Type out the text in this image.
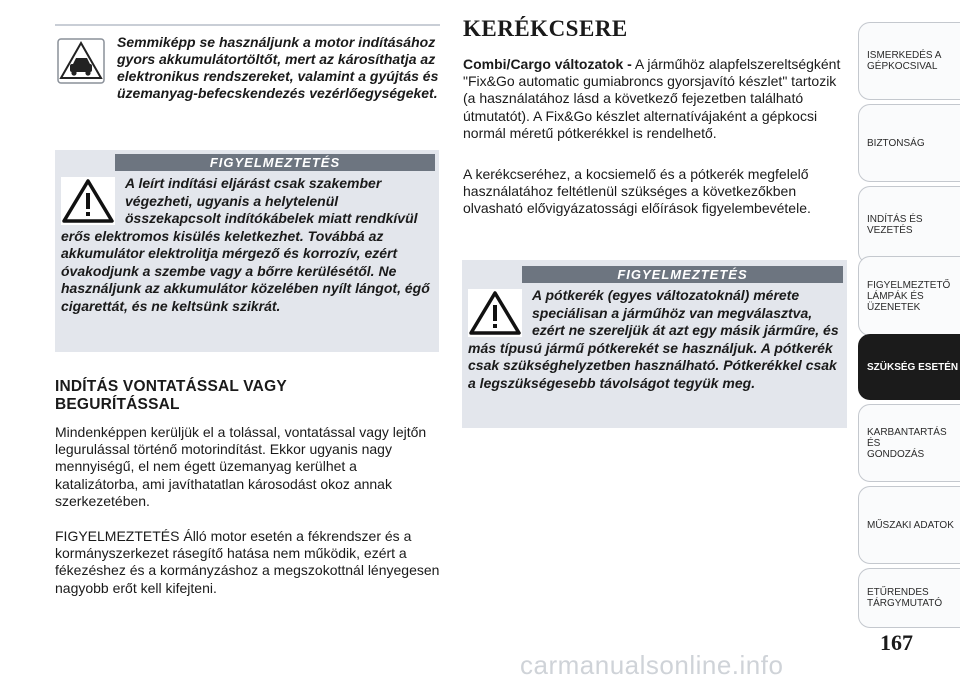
Semmiképp se használjunk a motor indításához gyors akkumulátortöltőt, mert az károsíthatja az elektronikus rendszereket, valamint a gyújtás és üzemanyag-befecskendezés vezérlőegységeket.
FIGYELMEZTETÉS
A leírt indítási eljárást csak szakember végezheti, ugyanis a helytelenül összekapcsolt indítókábelek miatt rendkívül erős elektromos kisülés keletkezhet. Továbbá az akkumulátor elektrolitja mérgező és korrozív, ezért óvakodjunk a szembe vagy a bőrre kerülésétől. Ne használjunk az akkumulátor közelében nyílt lángot, égő cigarettát, és ne keltsünk szikrát.
INDÍTÁS VONTATÁSSAL VAGY
BEGURÍTÁSSAL

Mindenképpen kerüljük el a tolással, vontatással vagy lejtőn legurulással történő motorindítást. Ekkor ugyanis nagy mennyiségű, el nem égett üzemanyag kerülhet a katalizátorba, ami javíthatatlan károsodást okoz annak szerkezetében.

FIGYELMEZTETÉS Álló motor esetén a fékrendszer és a kormányszerkezet rásegítő hatása nem működik, ezért a fékezéshez és a kormányzáshoz a megszokottnál lényegesen nagyobb erőt kell kifejteni.

KERÉKCSERE

Combi/Cargo változatok - A járműhöz alapfelszereltségként "Fix&Go automatic gumiabroncs gyorsjavító készlet" tartozik (a használatához lásd a következő fejezetben található útmutatót). A Fix&Go készlet alternatívájaként a gépkocsi normál méretű pótkerékkel is rendelhető.

A kerékcseréhez, a kocsiemelő és a pótkerék megfelelő használatához feltétlenül szükséges a következőkben olvasható elővigyázatossági előírások figyelembevétele.

FIGYELMEZTETÉS
A pótkerék (egyes változatoknál) mérete speciálisan a járműhöz van megválasztva, ezért ne szereljük át azt egy másik járműre, és más típusú jármű pótkerekét se használjuk. A pótkerék csak szükséghelyzetben használható. Pótkerékkel csak a legszükségesebb távolságot tegyük meg.
ISMERKEDÉS A
GÉPKOCSIVAL
BIZTONSÁG
INDÍTÁS ÉS VEZETÉS
FIGYELMEZTETŐ
LÁMPÁK ÉS
ÜZENETEK
SZÜKSÉG ESETÉN
KARBANTARTÁS ÉS
GONDOZÁS
MŰSZAKI ADATOK
ETŰRENDES
TÁRGYMUTATÓ
167
carmanualsonline.info
